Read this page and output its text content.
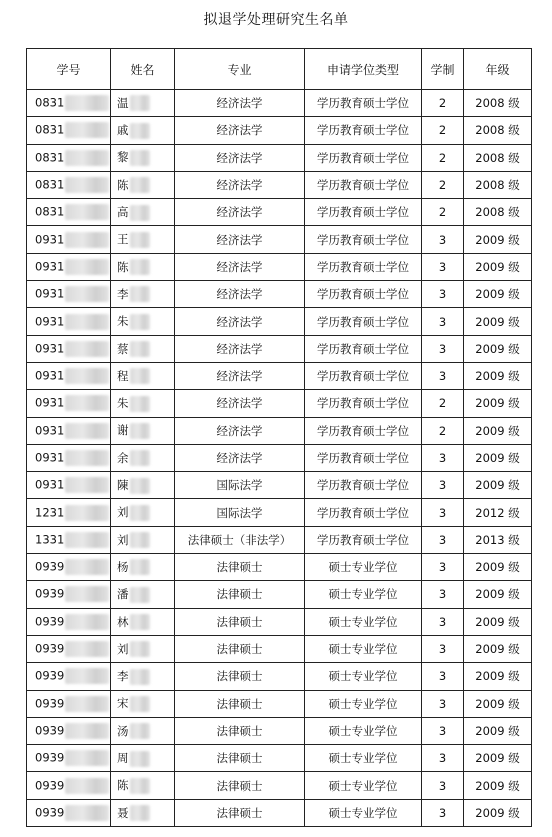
拟退学处理研究生名单
学号	姓名	专业	申请学位类型	学制	年级
0831	温	经济法学	学历教育硕士学位	2	2008 级
0831	戚	经济法学	学历教育硕士学位	2	2008 级
0831	黎	经济法学	学历教育硕士学位	2	2008 级
0831	陈	经济法学	学历教育硕士学位	2	2008 级
0831	高	经济法学	学历教育硕士学位	2	2008 级
0931	王	经济法学	学历教育硕士学位	3	2009 级
0931	陈	经济法学	学历教育硕士学位	3	2009 级
0931	李	经济法学	学历教育硕士学位	3	2009 级
0931	朱	经济法学	学历教育硕士学位	3	2009 级
0931	蔡	经济法学	学历教育硕士学位	3	2009 级
0931	程	经济法学	学历教育硕士学位	3	2009 级
0931	朱	经济法学	学历教育硕士学位	2	2009 级
0931	谢	经济法学	学历教育硕士学位	2	2009 级
0931	余	经济法学	学历教育硕士学位	3	2009 级
0931	陳	国际法学	学历教育硕士学位	3	2009 级
1231	刘	国际法学	学历教育硕士学位	3	2012 级
1331	刘	法律硕士（非法学）	学历教育硕士学位	3	2013 级
0939	杨	法律硕士	硕士专业学位	3	2009 级
0939	潘	法律硕士	硕士专业学位	3	2009 级
0939	林	法律硕士	硕士专业学位	3	2009 级
0939	刘	法律硕士	硕士专业学位	3	2009 级
0939	李	法律硕士	硕士专业学位	3	2009 级
0939	宋	法律硕士	硕士专业学位	3	2009 级
0939	汤	法律硕士	硕士专业学位	3	2009 级
0939	周	法律硕士	硕士专业学位	3	2009 级
0939	陈	法律硕士	硕士专业学位	3	2009 级
0939	聂	法律硕士	硕士专业学位	3	2009 级
